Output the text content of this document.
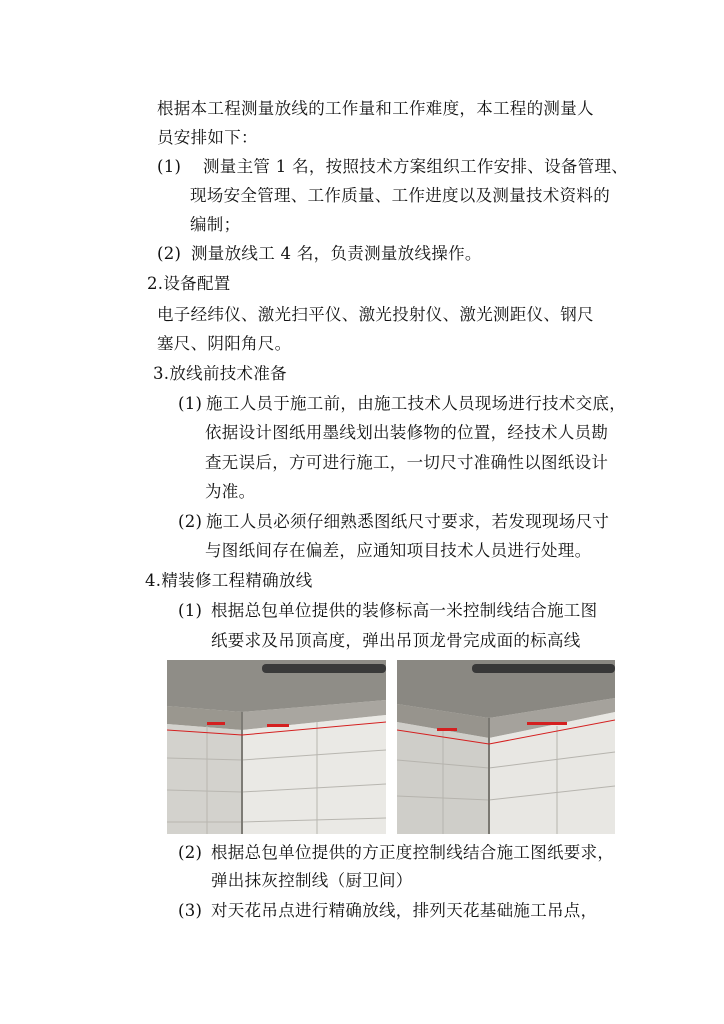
根据本工程测量放线的工作量和工作难度，本工程的测量人
员安排如下：
(1) 测量主管 1 名，按照技术方案组织工作安排、设备管理、
现场安全管理、工作质量、工作进度以及测量技术资料的
编制；
(2) 测量放线工 4 名，负责测量放线操作。
2.设备配置
电子经纬仪、激光扫平仪、激光投射仪、激光测距仪、钢尺
塞尺、阴阳角尺。
3.放线前技术准备
(1) 施工人员于施工前，由施工技术人员现场进行技术交底，
依据设计图纸用墨线划出装修物的位置，经技术人员勘
查无误后，方可进行施工，一切尺寸准确性以图纸设计
为准。
(2) 施工人员必须仔细熟悉图纸尺寸要求，若发现现场尺寸
与图纸间存在偏差，应通知项目技术人员进行处理。
4.精装修工程精确放线
(1) 根据总包单位提供的装修标高一米控制线结合施工图
纸要求及吊顶高度，弹出吊顶龙骨完成面的标高线
(2) 根据总包单位提供的方正度控制线结合施工图纸要求，
弹出抹灰控制线（厨卫间）
(3) 对天花吊点进行精确放线，排列天花基础施工吊点，
